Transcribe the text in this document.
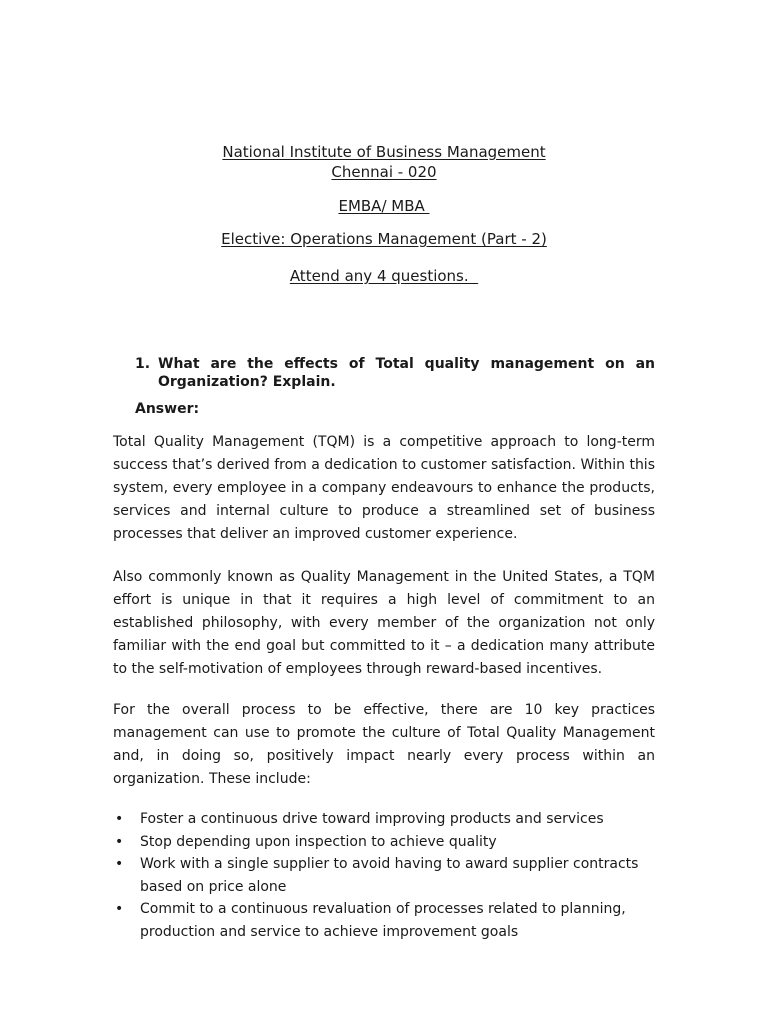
National Institute of Business Management
Chennai - 020
EMBA/ MBA
Elective: Operations Management (Part - 2)
Attend any 4 questions.
1. What are the effects of Total quality management on an Organization? Explain.
Answer:
Total Quality Management (TQM) is a competitive approach to long-term success that’s derived from a dedication to customer satisfaction. Within this system, every employee in a company endeavours to enhance the products, services and internal culture to produce a streamlined set of business processes that deliver an improved customer experience.
Also commonly known as Quality Management in the United States, a TQM effort is unique in that it requires a high level of commitment to an established philosophy, with every member of the organization not only familiar with the end goal but committed to it – a dedication many attribute to the self-motivation of employees through reward-based incentives.
For the overall process to be effective, there are 10 key practices management can use to promote the culture of Total Quality Management and, in doing so, positively impact nearly every process within an organization. These include:
• Foster a continuous drive toward improving products and services
• Stop depending upon inspection to achieve quality
• Work with a single supplier to avoid having to award supplier contracts based on price alone
• Commit to a continuous revaluation of processes related to planning, production and service to achieve improvement goals
